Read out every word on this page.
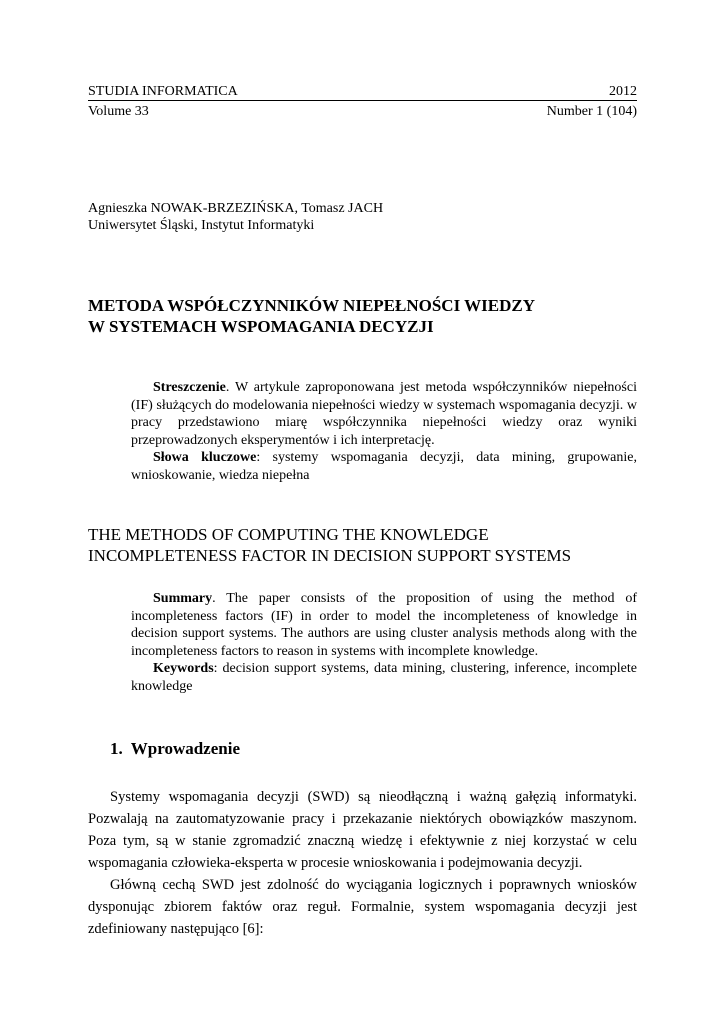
STUDIA INFORMATICA	2012
Volume 33	Number 1 (104)
Agnieszka NOWAK-BRZEZIŃSKA, Tomasz JACH
Uniwersytet Śląski, Instytut Informatyki
METODA WSPÓŁCZYNNIKÓW NIEPEŁNOŚCI WIEDZY
W SYSTEMACH WSPOMAGANIA DECYZJI

Streszczenie. W artykule zaproponowana jest metoda współczynników niepełności (IF) służących do modelowania niepełności wiedzy w systemach wspomagania decyzji. w pracy przedstawiono miarę współczynnika niepełności wiedzy oraz wyniki przeprowadzonych eksperymentów i ich interpretację.

Słowa kluczowe: systemy wspomagania decyzji, data mining, grupowanie, wnioskowanie, wiedza niepełna

THE METHODS OF COMPUTING THE KNOWLEDGE
INCOMPLETENESS FACTOR IN DECISION SUPPORT SYSTEMS

Summary. The paper consists of the proposition of using the method of incompleteness factors (IF) in order to model the incompleteness of knowledge in decision support systems. The authors are using cluster analysis methods along with the incompleteness factors to reason in systems with incomplete knowledge.

Keywords: decision support systems, data mining, clustering, inference, incomplete knowledge

1. Wprowadzenie

Systemy wspomagania decyzji (SWD) są nieodłączną i ważną gałęzią informatyki. Pozwalają na zautomatyzowanie pracy i przekazanie niektórych obowiązków maszynom. Poza tym, są w stanie zgromadzić znaczną wiedzę i efektywnie z niej korzystać w celu wspomagania człowieka-eksperta w procesie wnioskowania i podejmowania decyzji.

Główną cechą SWD jest zdolność do wyciągania logicznych i poprawnych wniosków dysponując zbiorem faktów oraz reguł. Formalnie, system wspomagania decyzji jest zdefiniowany następująco [6]:
